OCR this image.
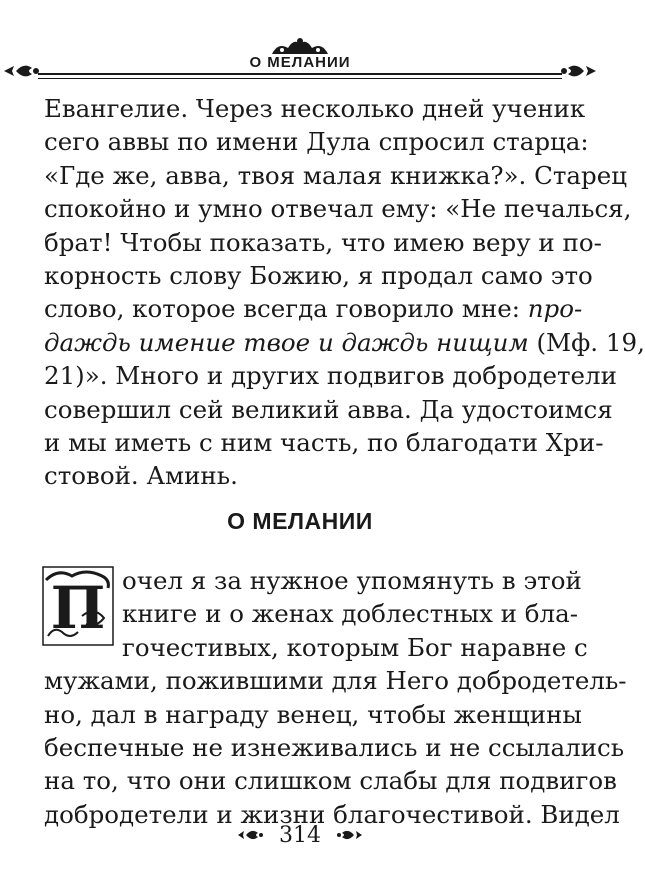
О МЕЛАНИИ
Евангелие. Через несколько дней ученик
сего аввы по имени Дула спросил старца:
«Где же, авва, твоя малая книжка?». Старец
спокойно и умно отвечал ему: «Не печалься,
брат! Чтобы показать, что имею веру и по-
корность слову Божию, я продал само это
слово, которое всегда говорило мне: про-
даждь имение твое и даждь нищим (Мф. 19,
21)». Много и других подвигов добродетели
совершил сей великий авва. Да удостоимся
и мы иметь с ним часть, по благодати Хри-
стовой. Аминь.
О МЕЛАНИИ
П очел я за нужное упомянуть в этой
книге и о женах доблестных и бла-
гочестивых, которым Бог наравне с
мужами, пожившими для Него добродетель-
но, дал в награду венец, чтобы женщины
беспечные не изнеживались и не ссылались
на то, что они слишком слабы для подвигов
добродетели и жизни благочестивой. Видел
314
